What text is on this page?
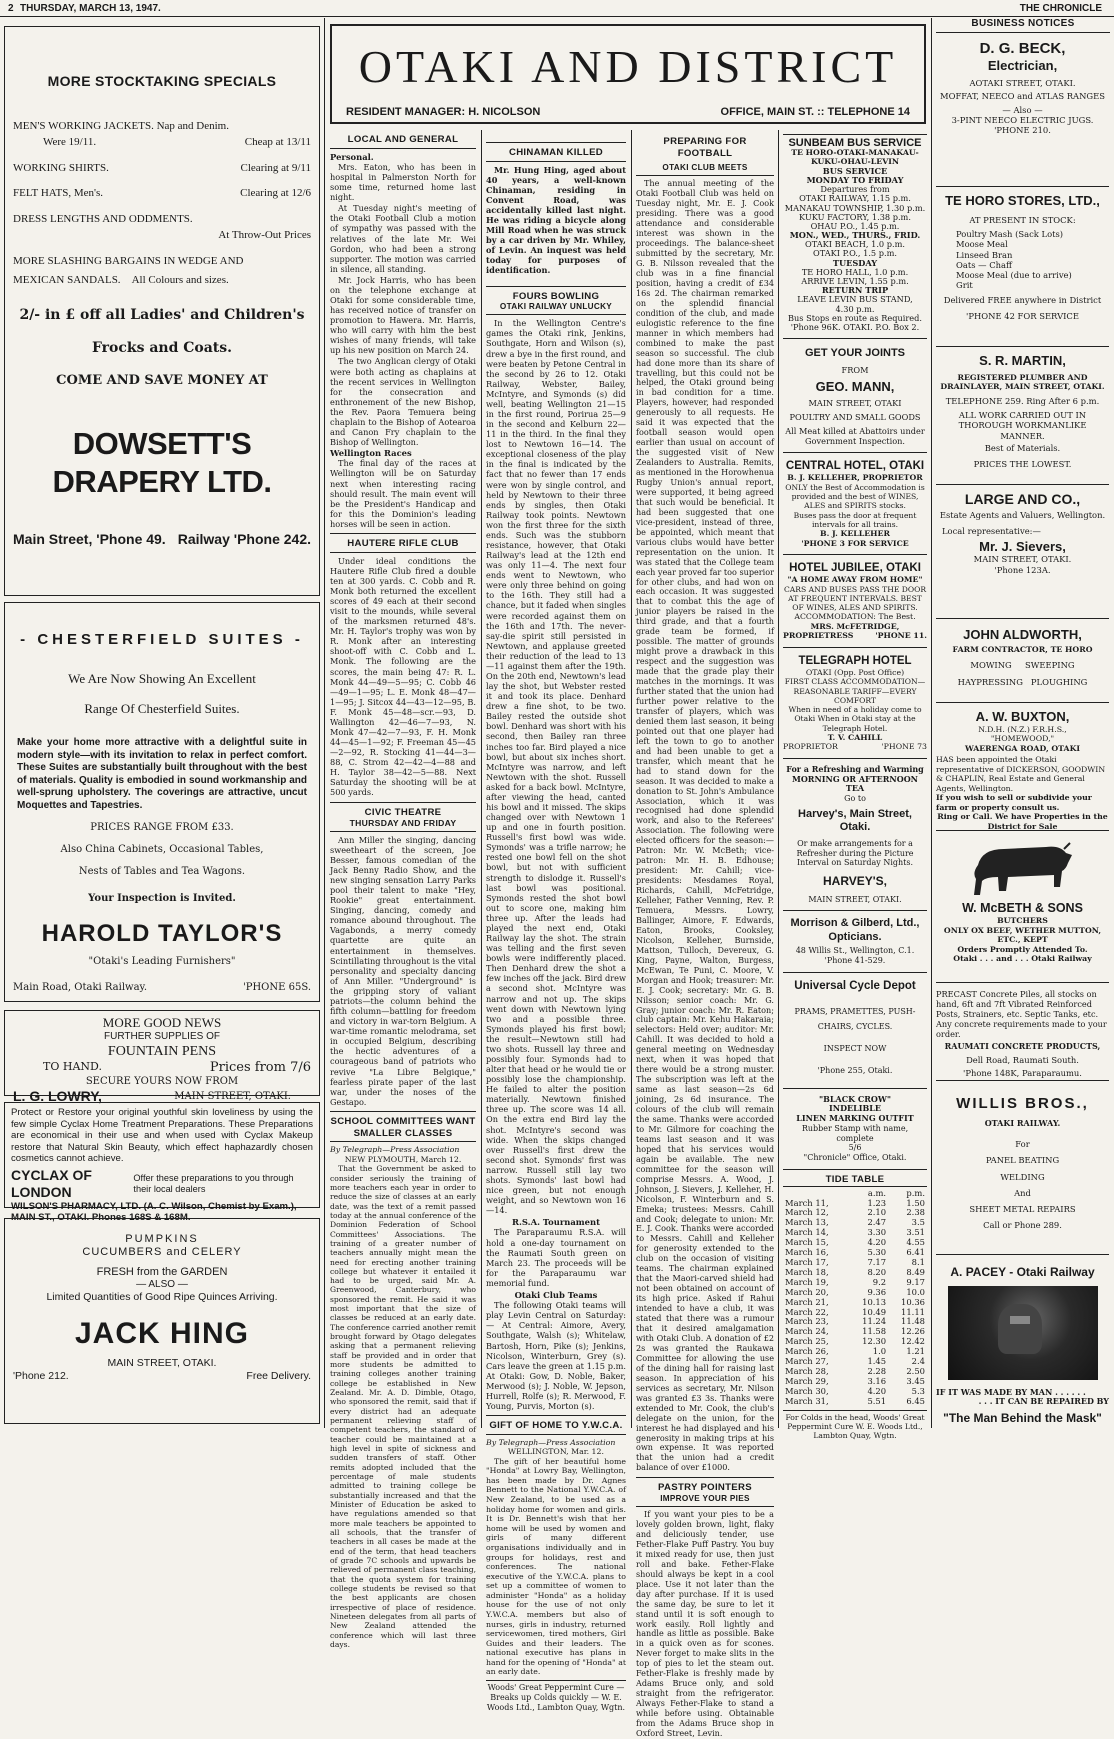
2 THURSDAY, MARCH 13, 1947.	THE CHRONICLE
MORE STOCKTAKING SPECIALS
MEN'S WORKING JACKETS. Nap and Denim.
Were 19/11.	Cheap at 13/11
WORKING SHIRTS.	Clearing at 9/11
FELT HATS, Men's.	Clearing at 12/6
DRESS LENGTHS AND ODDMENTS.
At Throw-Out Prices
MORE SLASHING BARGAINS IN WEDGE AND
MEXICAN SANDALS. All Colours and sizes.
2/- in £ off all Ladies' and Children's
Frocks and Coats.
COME AND SAVE MONEY AT
DOWSETT'S DRAPERY LTD.
Main Street, 'Phone 49. Railway 'Phone 242.
- CHESTERFIELD SUITES -
We Are Now Showing An Excellent
Range Of Chesterfield Suites.
Make your home more attractive with a delightful suite in modern style—with its invitation to relax in perfect comfort. These Suites are substantially built throughout with the best of materials. Quality is embodied in sound workmanship and well-sprung upholstery. The coverings are attractive, uncut Moquettes and Tapestries.
PRICES RANGE FROM £33.
Also China Cabinets, Occasional Tables,
Nests of Tables and Tea Wagons.
Your Inspection is Invited.
HAROLD TAYLOR'S
"Otaki's Leading Furnishers"
Main Road, Otaki Railway.	'PHONE 65S.
MORE GOOD NEWS
FURTHER SUPPLIES OF
FOUNTAIN PENS
TO HAND.	Prices from 7/6
SECURE YOURS NOW FROM
L. G. LOWRY,	MAIN STREET, OTAKI.
Protect or Restore your original youthful skin loveliness by using the few simple Cyclax Home Treatment Preparations. These Preparations are economical in their use and when used with Cyclax Makeup restore that Natural Skin Beauty, which effect haphazardly chosen cosmetics cannot achieve.
CYCLAX OF LONDON
Offer these preparations to you through their local dealers
WILSON'S PHARMACY, LTD. (A. C. Wilson, Chemist by Exam.), MAIN ST., OTAKI. Phones 168S & 168M.
PUMPKINS
CUCUMBERS and CELERY
FRESH from the GARDEN
— ALSO —
Limited Quantities of Good Ripe Quinces Arriving.
JACK HING
MAIN STREET, OTAKI.
'Phone 212.	Free Delivery.
OTAKI AND DISTRICT
RESIDENT MANAGER: H. NICOLSON	OFFICE, MAIN ST. :: TELEPHONE 14
LOCAL AND GENERAL
Personal.

Mrs. Eaton, who has been in hospital in Palmerston North for some time, returned home last night.

At Tuesday night's meeting of the Otaki Football Club a motion of sympathy was passed with the relatives of the late Mr. Wei Gordon, who had been a strong supporter. The motion was carried in silence, all standing.

Mr. Jock Harris, who has been on the telephone exchange at Otaki for some considerable time, has received notice of transfer on promotion to Hawera. Mr. Harris, who will carry with him the best wishes of many friends, will take up his new position on March 24.

The two Anglican clergy of Otaki were both acting as chaplains at the recent services in Wellington for the consecration and enthronement of the new Bishop, the Rev. Paora Temuera being chaplain to the Bishop of Aotearoa and Canon Fry chaplain to the Bishop of Wellington.

Wellington Races

The final day of the races at Wellington will be on Saturday next when interesting racing should result. The main event will be the President's Handicap and for this the Dominion's leading horses will be seen in action.

HAUTERE RIFLE CLUB

Under ideal conditions the Hautere Rifle Club fired a double ten at 300 yards. C. Cobb and R. Monk both returned the excellent scores of 49 each at their second visit to the mounds, while several of the marksmen returned 48's. Mr. H. Taylor's trophy was won by R. Monk after an interesting shoot-off with C. Cobb and L. Monk. The following are the scores, the main being 47: R. L. Monk 44—49—5—95; C. Cobb 46—49—1—95; L. E. Monk 48—47—1—95; J. Sitcox 44—43—12—95, B. F. Monk 45—48—scr.—93, D. Wallington 42—46—7—93, N. Monk 47—42—7—93, F. H. Monk 44—45—1—92; F. Freeman 45—45—2—92, R. Stocking 41—44—3—88, C. Strom 42—42—4—88 and H. Taylor 38—42—5—88. Next Saturday the shooting will be at 500 yards.

CIVIC THEATRE
THURSDAY AND FRIDAY

Ann Miller the singing, dancing sweetheart of the screen, Joe Besser, famous comedian of the Jack Benny Radio Show, and the new singing sensation Larry Parks pool their talent to make "Hey, Rookie" great entertainment. Singing, dancing, comedy and romance abound throughout. The Vagabonds, a merry comedy quartette are quite an entertainment in themselves. Scintillating throughout is the vital personality and specialty dancing of Ann Miller. "Underground" is the gripping story of valiant patriots—the column behind the fifth column—battling for freedom and victory in war-torn Belgium. A war-time romantic melodrama, set in occupied Belgium, describing the hectic adventures of a courageous band of patriots who revive "La Libre Belgique," fearless pirate paper of the last war, under the noses of the Gestapo.

SCHOOL COMMITTEES WANT SMALLER CLASSES
By Telegraph—Press Association
NEW PLYMOUTH, March 12.

That the Government be asked to consider seriously the training of more teachers each year in order to reduce the size of classes at an early date, was the text of a remit passed today at the annual conference of the Dominion Federation of School Committees' Associations. The training of a greater number of teachers annually might mean the need for erecting another training college but whatever it entailed it had to be urged, said Mr. A. Greenwood, Canterbury, who sponsored the remit. He said it was most important that the size of classes be reduced at an early date. The conference carried another remit brought forward by Otago delegates asking that a permanent relieving staff be provided and in order that more students be admitted to training colleges another training college be established in New Zealand. Mr. A. D. Dimble, Otago, who sponsored the remit, said that if every district had an adequate permanent relieving staff of competent teachers, the standard of teacher could be maintained at a high level in spite of sickness and sudden transfers of staff. Other remits adopted included that the percentage of male students admitted to training college be substantially increased and that the Minister of Education be asked to have regulations amended so that more male teachers be appointed to all schools, that the transfer of teachers in all cases be made at the end of the term, that head teachers of grade 7C schools and upwards be relieved of permanent class teaching, that the quota system for training college students be revised so that the best applicants are chosen irrespective of place of residence. Nineteen delegates from all parts of New Zealand attended the conference which will last three days.

CHINAMAN KILLED

Mr. Hung Hing, aged about 40 years, a well-known Chinaman, residing in Convent Road, was accidentally killed last night. He was riding a bicycle along Mill Road when he was struck by a car driven by Mr. Whiley, of Levin. An inquest was held today for purposes of identification.

FOURS BOWLING
OTAKI RAILWAY UNLUCKY

In the Wellington Centre's games the Otaki rink, Jenkins, Southgate, Horn and Wilson (s), drew a bye in the first round, and were beaten by Petone Central in the second by 26 to 12. Otaki Railway, Webster, Bailey, McIntyre, and Symonds (s) did well, beating Wellington 21—15 in the first round, Porirua 25—9 in the second and Kelburn 22—11 in the third. In the final they lost to Newtown 16—14. The exceptional closeness of the play in the final is indicated by the fact that no fewer than 17 ends were won by single control, and held by Newtown to their three ends by singles, then Otaki Railway took points. Newtown won the first three for the sixth ends. Such was the stubborn resistance, however, that Otaki Railway's lead at the 12th end was only 11—4. The next four ends went to Newtown, who were only three behind on going to the 16th. They still had a chance, but it faded when singles were recorded against them on the 16th and 17th. The never-say-die spirit still persisted in Newtown, and applause greeted their reduction of the lead to 13—11 against them after the 19th. On the 20th end, Newtown's lead lay the shot, but Webster rested it and took its place. Denhard drew a fine shot, to be two. Bailey rested the outside shot bowl. Denhard was short with his second, then Bailey ran three inches too far. Bird played a nice bowl, but about six inches short. McIntyre was narrow, and left Newtown with the shot. Russell asked for a back bowl. McIntyre, after viewing the head, canted his bowl and it missed. The skips changed over with Newtown 1 up and one in fourth position. Russell's first bowl was wide. Symonds' was a trifle narrow; he rested one bowl fell on the shot bowl, but not with sufficient strength to dislodge it. Russell's last bowl was positional. Symonds rested the shot bowl out to score one, making him three up. After the leads had played the next end, Otaki Railway lay the shot. The strain was telling and the first seven bowls were indifferently placed. Then Denhard drew the shot a few inches off the jack. Bird drew a second shot. McIntyre was narrow and not up. The skips went down with Newtown lying two and a possible three. Symonds played his first bowl; the result—Newtown still had two shots. Russell lay three and possibly four. Symonds had to alter that head or he would tie or possibly lose the championship. He failed to alter the position materially. Newtown finished three up. The score was 14 all. On the extra end Bird lay the shot. McIntyre's second was wide. When the skips changed over Russell's first drew the second shot. Symonds' first was narrow. Russell still lay two shots. Symonds' last bowl had nice green, but not enough weight, and so Newtown won 16—14.

R.S.A. Tournament

The Paraparaumu R.S.A. will hold a one-day tournament on the Raumati South green on March 23. The proceeds will be for the Paraparaumu war memorial fund.

Otaki Club Teams

The following Otaki teams will play Levin Central on Saturday:— At Central: Aimore, Avery, Southgate, Walsh (s); Whitelaw, Bartosh, Horn, Pike (s); Jenkins, Nicolson, Winterburn, Grey (s). Cars leave the green at 1.15 p.m. At Otaki: Gow, D. Noble, Baker, Merwood (s); J. Noble, W. Jepson, Hurrell, Rolfe (s); R. Merwood, F. Young, Purvis, Morton (s).

GIFT OF HOME TO Y.W.C.A.
By Telegraph—Press Association
WELLINGTON, Mar. 12.

The gift of her beautiful home "Honda" at Lowry Bay, Wellington, has been made by Dr. Agnes Bennett to the National Y.W.C.A. of New Zealand, to be used as a holiday home for women and girls. It is Dr. Bennett's wish that her home will be used by women and girls of many different organisations individually and in groups for holidays, rest and conferences. The national executive of the Y.W.C.A. plans to set up a committee of women to administer "Honda" as a holiday house for the use of not only Y.W.C.A. members but also of nurses, girls in industry, returned servicewomen, tired mothers, Girl Guides and their leaders. The national executive has plans in hand for the opening of "Honda" at an early date.

Woods' Great Peppermint Cure — Breaks up Colds quickly — W. E. Woods Ltd., Lambton Quay, Wgtn.
PREPARING FOR FOOTBALL
OTAKI CLUB MEETS

The annual meeting of the Otaki Football Club was held on Tuesday night, Mr. E. J. Cook presiding. There was a good attendance and considerable interest was shown in the proceedings. The balance-sheet submitted by the secretary, Mr. G. B. Nilsson revealed that the club was in a fine financial position, having a credit of £34 16s 2d. The chairman remarked on the splendid financial condition of the club, and made eulogistic reference to the fine manner in which members had combined to make the past season so successful. The club had done more than its share of travelling, but this could not be helped, the Otaki ground being in bad condition for a time. Players, however, had responded generously to all requests. He said it was expected that the football season would open earlier than usual on account of the suggested visit of New Zealanders to Australia. Remits, as mentioned in the Horowhenua Rugby Union's annual report, were supported, it being agreed that such would be beneficial. It had been suggested that one vice-president, instead of three, be appointed, which meant that various clubs would have better representation on the union. It was stated that the College team each year proved far too superior for other clubs, and had won on each occasion. It was suggested that to combat this the age of junior players be raised in the third grade, and that a fourth grade team be formed, if possible. The matter of grounds might prove a drawback in this respect and the suggestion was made that the grade play their matches in the mornings. It was further stated that the union had further power relative to the transfer of players, which was denied them last season, it being pointed out that one player had left the town to go to another and had been unable to get a transfer, which meant that he had to stand down for the season. It was decided to make a donation to St. John's Ambulance Association, which it was recognised had done splendid work, and also to the Referees' Association. The following were elected officers for the season:—Patron: Mr. W. McBeth; vice-patron: Mr. H. B. Edhouse; president: Mr. Cahill; vice-presidents: Mesdames Royal, Richards, Cahill, McFetridge, Kelleher, Father Venning, Rev. P. Temuera, Messrs. Lowry, Ballinger, Aimore, F. Edwards, Eaton, Brooks, Cooksley, Nicolson, Kelleher, Burnside, Mattson, Tulloch, Devereux, G. King, Payne, Walton, Burgess, McEwan, Te Puni, C. Moore, V. Morgan and Hook; treasurer: Mr. E. J. Cook; secretary: Mr. G. B. Nilsson; senior coach: Mr. G. Gray; junior coach: Mr. R. Eaton; club captain: Mr. Kehu Hakaraia; selectors: Held over; auditor: Mr. Cahill. It was decided to hold a general meeting on Wednesday next, when it was hoped that there would be a strong muster. The subscription was left at the same as last season—2s 6d joining, 2s 6d insurance. The colours of the club will remain the same. Thanks were accorded to Mr. Gilmore for coaching the teams last season and it was hoped that his services would again be available. The new committee for the season will comprise Messrs. A. Wood, J. Johnson, J. Sievers, J. Kelleher, H. Nicolson, F. Winterburn and S. Emeka; trustees: Messrs. Cahill and Cook; delegate to union: Mr. E. J. Cook. Thanks were accorded to Messrs. Cahill and Kelleher for generosity extended to the club on the occasion of visiting teams. The chairman explained that the Maori-carved shield had not been obtained on account of its high price. Asked if Rahui intended to have a club, it was stated that there was a rumour that it desired amalgamation with Otaki Club. A donation of £2 2s was granted the Raukawa Committee for allowing the use of the dining hall for raising last season. In appreciation of his services as secretary, Mr. Nilson was granted £3 3s. Thanks were extended to Mr. Cook, the club's delegate on the union, for the interest he had displayed and his generosity in making trips at his own expense. It was reported that the union had a credit balance of over £1000.

PASTRY POINTERS
IMPROVE YOUR PIES

If you want your pies to be a lovely golden brown, light, flaky and deliciously tender, use Fether-Flake Puff Pastry. You buy it mixed ready for use, then just roll and bake. Fether-Flake should always be kept in a cool place. Use it not later than the day after purchase. If it is used the same day, be sure to let it stand until it is soft enough to work easily. Roll lightly and handle as little as possible. Bake in a quick oven as for scones. Never forget to make slits in the top of pies to let the steam out. Fether-Flake is freshly made by Adams Bruce only, and sold straight from the refrigerator. Always Fether-Flake to stand a while before using. Obtainable from the Adams Bruce shop in Oxford Street, Levin.

SUNBEAM BUS SERVICE
TE HORO-OTAKI-MANAKAU-KUKU-OHAU-LEVIN
BUS SERVICE
MONDAY TO FRIDAY
Departures from
OTAKI RAILWAY, 1.15 p.m.
MANAKAU TOWNSHIP, 1.30 p.m.
KUKU FACTORY, 1.38 p.m.
OHAU P.O., 1.45 p.m.
MON., WED., THURS., FRID.
OTAKI BEACH, 1.0 p.m.
OTAKI P.O., 1.5 p.m.
TUESDAY
TE HORO HALL, 1.0 p.m.
ARRIVE LEVIN, 1.55 p.m.
RETURN TRIP
LEAVE LEVIN BUS STAND,
4.30 p.m.
Bus Stops en route as Required.
'Phone 96K. OTAKI. P.O. Box 2.
GET YOUR JOINTS
FROM
GEO. MANN,
MAIN STREET, OTAKI
POULTRY AND SMALL GOODS
All Meat killed at Abattoirs under Government Inspection.
CENTRAL HOTEL, OTAKI
B. J. KELLEHER, PROPRIETOR
ONLY the Best of Accommodation is provided and the best of WINES, ALES and SPIRITS stocks.
Buses pass the door at frequent intervals for all trains.
B. J. KELLEHER
'PHONE 3 FOR SERVICE
HOTEL JUBILEE, OTAKI
"A HOME AWAY FROM HOME"
CARS AND BUSES PASS THE DOOR AT FREQUENT INTERVALS. BEST OF WINES, ALES AND SPIRITS.
ACCOMMODATION: The Best.
MRS. McFETRIDGE,
PROPRIETRESS	'PHONE 11.
TELEGRAPH HOTEL
OTAKI (Opp. Post Office)
FIRST CLASS ACCOMMODATION—REASONABLE TARIFF—EVERY COMFORT
When in need of a holiday come to Otaki When in Otaki stay at the Telegraph Hotel.
T. V. CAHILL
PROPRIETOR	'PHONE 73
For a Refreshing and Warming MORNING OR AFTERNOON TEA
Go to
Harvey's, Main Street, Otaki.
Or make arrangements for a Refresher during the Picture Interval on Saturday Nights.
HARVEY'S,
MAIN STREET, OTAKI.
Morrison & Gilberd, Ltd.,
Opticians.
48 Willis St., Wellington, C.1.
'Phone 41-529.
Universal Cycle Depot
PRAMS, PRAMETTES, PUSH-
CHAIRS, CYCLES.
INSPECT NOW
'Phone 255, Otaki.
"BLACK CROW"
INDELIBLE
LINEN MARKING OUTFIT
Rubber Stamp with name, complete
5/6
"Chronicle" Office, Otaki.
TIDE TABLE
	a.m.	p.m.
March 11,	1.23	1.50
March 12,	2.10	2.38
March 13,	2.47	3.5
March 14,	3.30	3.51
March 15,	4.20	4.55
March 16,	5.30	6.41
March 17,	7.17	8.1
March 18,	8.20	8.49
March 19,	9.2	9.17
March 20,	9.36	10.0
March 21,	10.13	10.36
March 22,	10.49	11.11
March 23,	11.24	11.48
March 24,	11.58	12.26
March 25,	12.30	12.42
March 26,	1.0	1.21
March 27,	1.45	2.4
March 28,	2.28	2.50
March 29,	3.16	3.45
March 30,	4.20	5.3
March 31,	5.51	6.45
For Colds in the head, Woods' Great Peppermint Cure W. E. Woods Ltd., Lambton Quay, Wgtn.
BUSINESS NOTICES
D. G. BECK,
Electrician,
AOTAKI STREET, OTAKI.
MOFFAT, NEECO and ATLAS RANGES
— Also —
3-PINT NEECO ELECTRIC JUGS.
'PHONE 210.
TE HORO STORES, LTD.,
AT PRESENT IN STOCK:
Poultry Mash (Sack Lots)
Moose Meal
Linseed Bran
Oats — Chaff
Moose Meal (due to arrive)
Grit
Delivered FREE anywhere in District
'PHONE 42 FOR SERVICE
S. R. MARTIN,
REGISTERED PLUMBER AND DRAINLAYER, MAIN STREET, OTAKI.
TELEPHONE 259. Ring After 6 p.m.
ALL WORK CARRIED OUT IN THOROUGH WORKMANLIKE MANNER.
Best of Materials.
PRICES THE LOWEST.
LARGE AND CO.,
Estate Agents and Valuers, Wellington.
Local representative:—
Mr. J. Sievers,
MAIN STREET, OTAKI.
'Phone 123A.
JOHN ALDWORTH,
FARM CONTRACTOR, TE HORO
MOWING     SWEEPING
HAYPRESSING   PLOUGHING
A. W. BUXTON,
N.D.H. (N.Z.) F.R.H.S.,
"HOMEWOOD,"
WAERENGA ROAD, OTAKI
HAS been appointed the Otaki representative of DICKERSON, GOODWIN & CHAPLIN, Real Estate and General Agents, Wellington.
If you wish to sell or subdivide your farm or property consult us.
Ring or Call. We have Properties in the District for Sale
W. McBETH & SONS
BUTCHERS
ONLY OX BEEF, WETHER MUTTON, ETC., KEPT
Orders Promptly Attended To.
Otaki . . . and . . . Otaki Railway
PRECAST Concrete Piles, all stocks on hand, 6ft and 7ft Vibrated Reinforced Posts, Strainers, etc. Septic Tanks, etc. Any concrete requirements made to your order.
RAUMATI CONCRETE PRODUCTS,
Dell Road, Raumati South.
'Phone 148K, Paraparaumu.
WILLIS BROS.,
OTAKI RAILWAY.
For
PANEL BEATING
WELDING
And
SHEET METAL REPAIRS
Call or Phone 289.
A. PACEY - Otaki Railway
IF IT WAS MADE BY MAN . . . . . .
. . . IT CAN BE REPAIRED BY
"The Man Behind the Mask"
